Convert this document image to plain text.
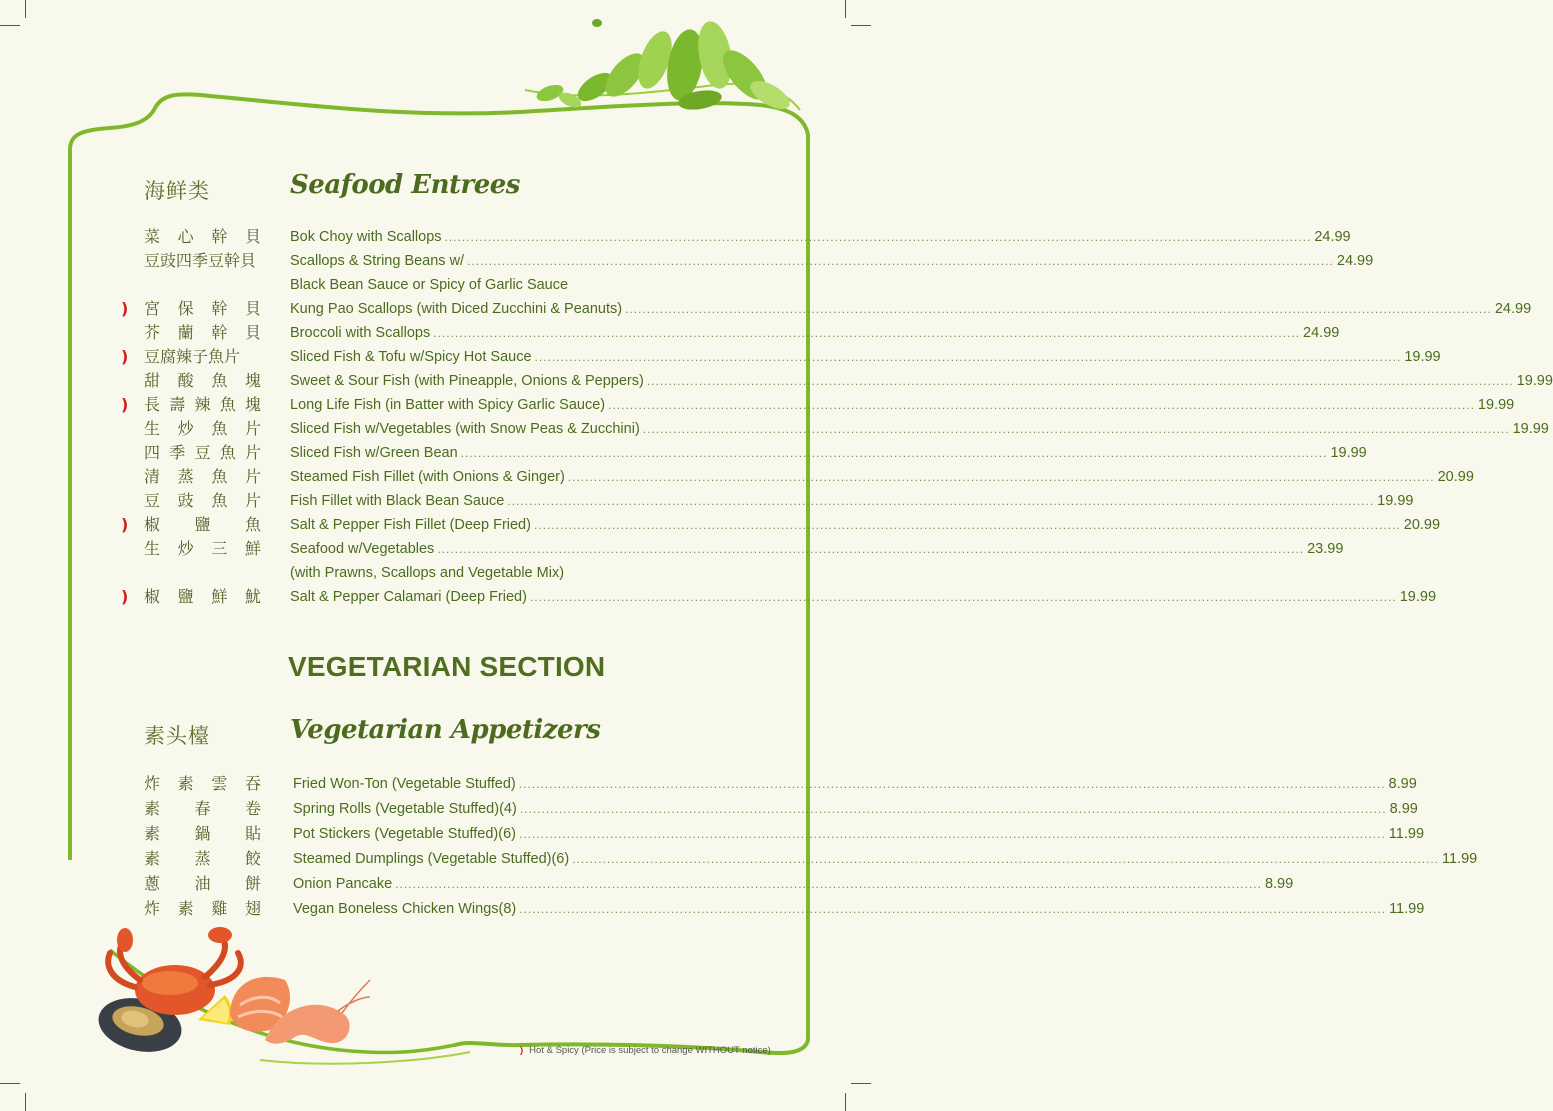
海鲜类	Seafood Entrees
菜心幹貝 Bok Choy with Scallops ........................................................................................................................................................................................................ 24.99
豆豉四季豆幹貝	Scallops & String Beans w/ ........................................................................................................................................................................................................ 24.99
Black Bean Sauce or Spicy of Garlic Sauce
) 宮保幹貝 Kung Pao Scallops (with Diced Zucchini & Peanuts) ........................................................................................................................................................................................................ 24.99
芥蘭幹貝 Broccoli with Scallops ........................................................................................................................................................................................................ 24.99
) 豆腐辣子魚片	Sliced Fish & Tofu w/Spicy Hot Sauce ........................................................................................................................................................................................................ 19.99
甜酸魚塊 Sweet & Sour Fish (with Pineapple, Onions & Peppers) ........................................................................................................................................................................................................ 19.99
) 長壽辣魚塊 Long Life Fish (in Batter with Spicy Garlic Sauce) ........................................................................................................................................................................................................ 19.99
生炒魚片 Sliced Fish w/Vegetables (with Snow Peas & Zucchini) ........................................................................................................................................................................................................ 19.99
四季豆魚片 Sliced Fish w/Green Bean ........................................................................................................................................................................................................ 19.99
清蒸魚片 Steamed Fish Fillet (with Onions & Ginger) ........................................................................................................................................................................................................ 20.99
豆豉魚片 Fish Fillet with Black Bean Sauce ........................................................................................................................................................................................................ 19.99
) 椒鹽魚 Salt & Pepper Fish Fillet (Deep Fried) ........................................................................................................................................................................................................ 20.99
生炒三鮮 Seafood w/Vegetables ........................................................................................................................................................................................................ 23.99
(with Prawns, Scallops and Vegetable Mix)
) 椒鹽鮮魷 Salt & Pepper Calamari (Deep Fried) ........................................................................................................................................................................................................ 19.99
VEGETARIAN SECTION
素头檯	Vegetarian Appetizers
炸素雲吞 Fried Won-Ton (Vegetable Stuffed) ........................................................................................................................................................................................................ 8.99
素春卷 Spring Rolls (Vegetable Stuffed)(4) ........................................................................................................................................................................................................ 8.99
素鍋貼 Pot Stickers (Vegetable Stuffed)(6) ........................................................................................................................................................................................................ 11.99
素蒸餃 Steamed Dumplings (Vegetable Stuffed)(6) ........................................................................................................................................................................................................ 11.99
蔥油餅 Onion Pancake ........................................................................................................................................................................................................ 8.99
炸素雞翅 Vegan Boneless Chicken Wings(8) ........................................................................................................................................................................................................ 11.99
) Hot & Spicy (Price is subject to change WITHOUT notice)
